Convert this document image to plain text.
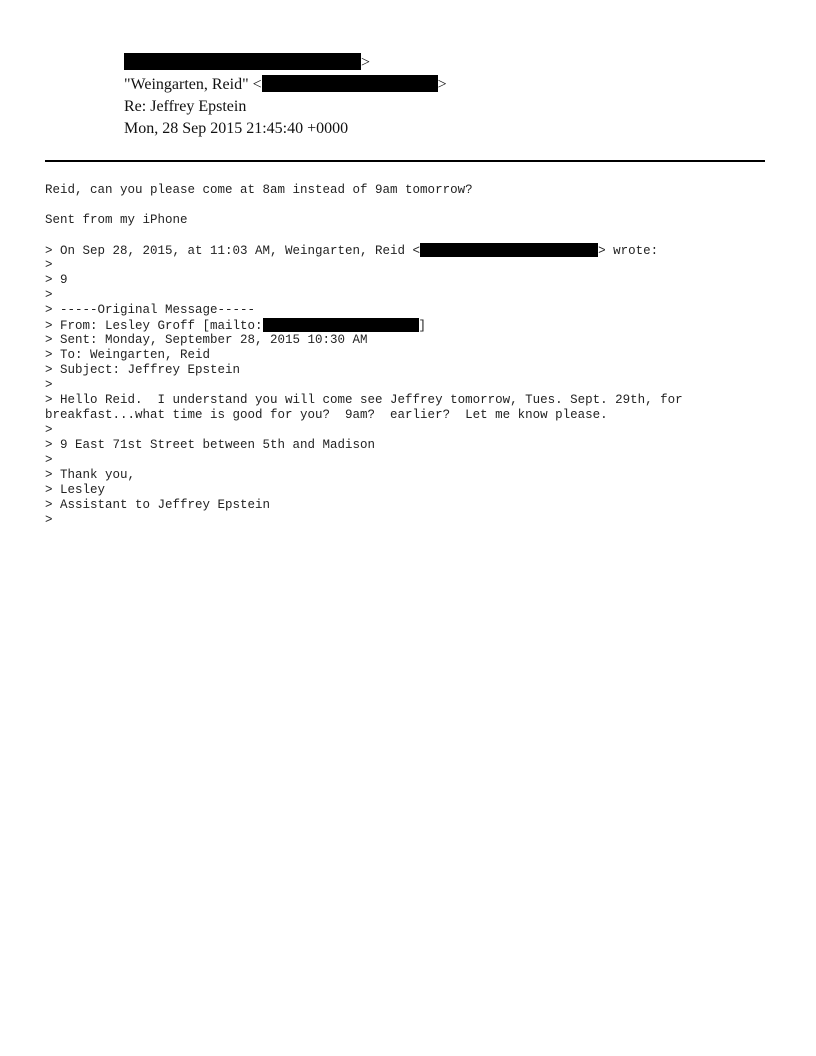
>
"Weingarten, Reid" <	>
Re: Jeffrey Epstein
Mon, 28 Sep 2015 21:45:40 +0000
Reid, can you please come at 8am instead of 9am tomorrow?
Sent from my iPhone
> On Sep 28, 2015, at 11:03 AM, Weingarten, Reid <	> wrote:
>
> 9
>
> -----Original Message-----
> From: Lesley Groff [mailto:	]
> Sent: Monday, September 28, 2015 10:30 AM
> To: Weingarten, Reid
> Subject: Jeffrey Epstein
>
> Hello Reid.  I understand you will come see Jeffrey tomorrow, Tues. Sept. 29th, for
breakfast...what time is good for you?  9am?  earlier?  Let me know please.
>
> 9 East 71st Street between 5th and Madison
>
> Thank you,
> Lesley
> Assistant to Jeffrey Epstein
>
